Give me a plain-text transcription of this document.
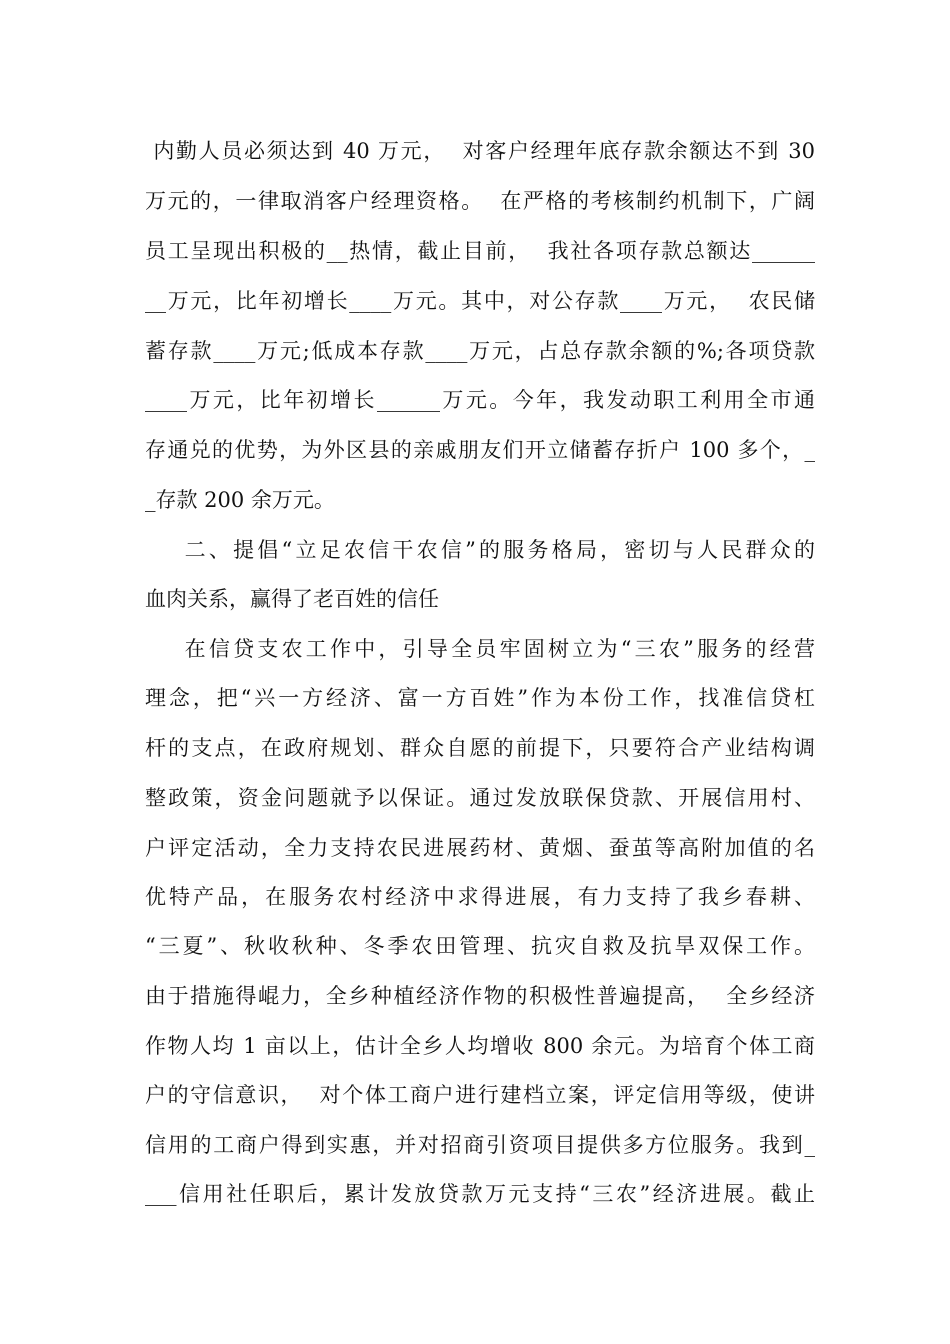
内勤人员必须达到 40 万元，  对客户经理年底存款余额达不到 30
万元的，一律取消客户经理资格。  在严格的考核制约机制下，广阔
员工呈现出积极的__热情，截止目前，  我社各项存款总额达______
__万元，比年初增长____万元。其中，对公存款____万元，  农民储
蓄存款____万元;低成本存款____万元，占总存款余额的%;各项贷款
____万元，比年初增长______万元。今年，我发动职工利用全市通
存通兑的优势，为外区县的亲戚朋友们开立储蓄存折户 100 多个，_
_存款 200 余万元。
二、提倡“立足农信干农信”的服务格局，密切与人民群众的
血肉关系，赢得了老百姓的信任
在信贷支农工作中，引导全员牢固树立为“三农”服务的经营
理念，把“兴一方经济、富一方百姓”作为本份工作，找准信贷杠
杆的支点，在政府规划、群众自愿的前提下，只要符合产业结构调
整政策，资金问题就予以保证。通过发放联保贷款、开展信用村、
户评定活动，全力支持农民进展药材、黄烟、蚕茧等高附加值的名
优特产品，在服务农村经济中求得进展，有力支持了我乡春耕、
“三夏”、秋收秋种、冬季农田管理、抗灾自救及抗旱双保工作。
由于措施得崐力，全乡种植经济作物的积极性普遍提高，  全乡经济
作物人均 1 亩以上，估计全乡人均增收 800 余元。为培育个体工商
户的守信意识，  对个体工商户进行建档立案，评定信用等级，使讲
信用的工商户得到实惠，并对招商引资项目提供多方位服务。我到_
___信用社任职后，累计发放贷款万元支持“三农”经济进展。截止
